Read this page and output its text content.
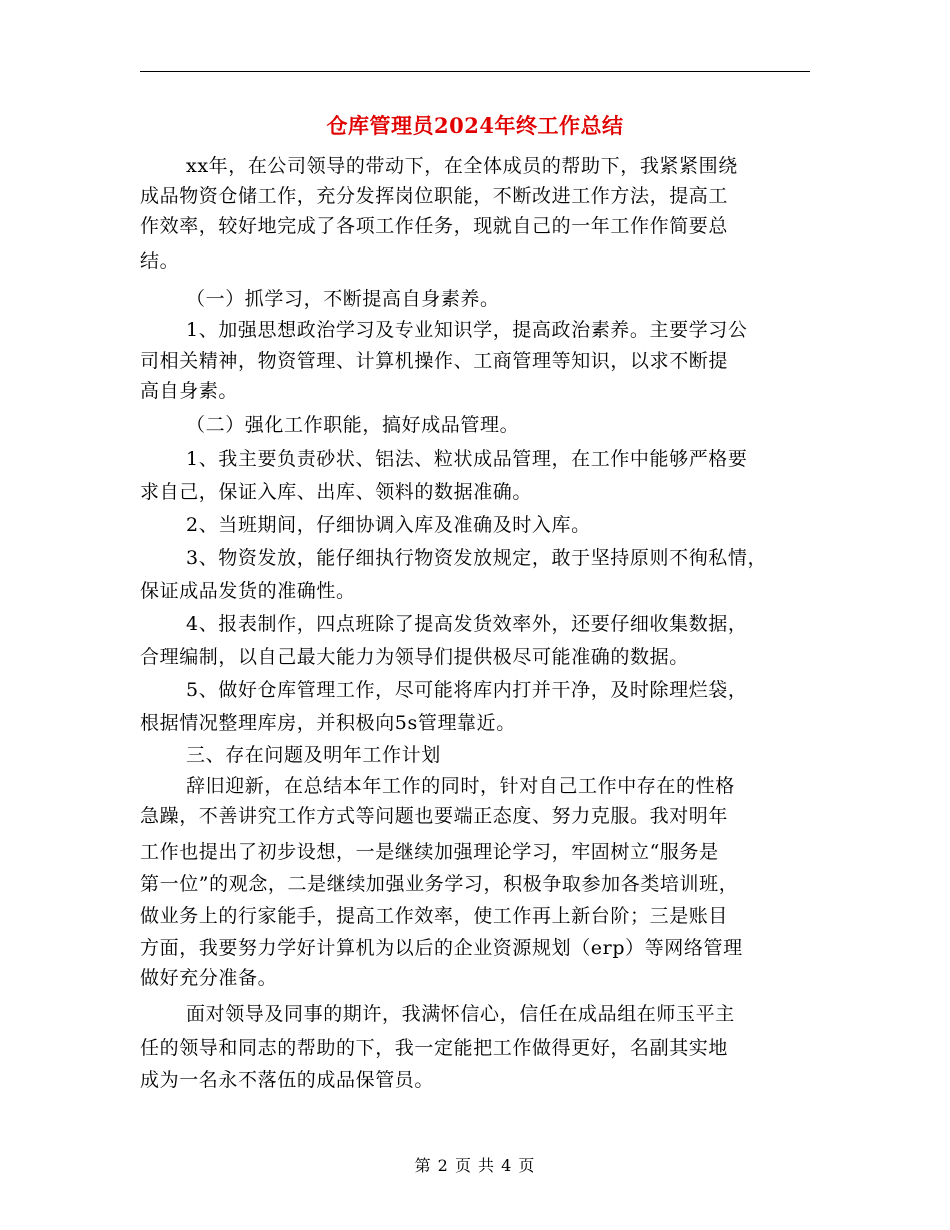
仓库管理员2024年终工作总结
xx年，在公司领导的带动下，在全体成员的帮助下，我紧紧围绕
成品物资仓储工作，充分发挥岗位职能，不断改进工作方法，提高工
作效率，较好地完成了各项工作任务，现就自己的一年工作作简要总
结。
（一）抓学习，不断提高自身素养。
1、加强思想政治学习及专业知识学，提高政治素养。主要学习公
司相关精神，物资管理、计算机操作、工商管理等知识，以求不断提
高自身素。
（二）强化工作职能，搞好成品管理。
1、我主要负责砂状、铝法、粒状成品管理，在工作中能够严格要
求自己，保证入库、出库、领料的数据准确。
2、当班期间，仔细协调入库及准确及时入库。
3、物资发放，能仔细执行物资发放规定，敢于坚持原则不徇私情，
保证成品发货的准确性。
4、报表制作，四点班除了提高发货效率外，还要仔细收集数据，
合理编制，以自己最大能力为领导们提供极尽可能准确的数据。
5、做好仓库管理工作，尽可能将库内打并干净，及时除理烂袋，
根据情况整理库房，并积极向5s管理靠近。
三、存在问题及明年工作计划
辞旧迎新，在总结本年工作的同时，针对自己工作中存在的性格
急躁，不善讲究工作方式等问题也要端正态度、努力克服。我对明年
工作也提出了初步设想，一是继续加强理论学习，牢固树立“服务是
第一位”的观念，二是继续加强业务学习，积极争取参加各类培训班，
做业务上的行家能手，提高工作效率，使工作再上新台阶；三是账目
方面，我要努力学好计算机为以后的企业资源规划（erp）等网络管理
做好充分准备。
面对领导及同事的期许，我满怀信心，信任在成品组在师玉平主
任的领导和同志的帮助的下，我一定能把工作做得更好，名副其实地
成为一名永不落伍的成品保管员。
第 2 页 共 4 页
